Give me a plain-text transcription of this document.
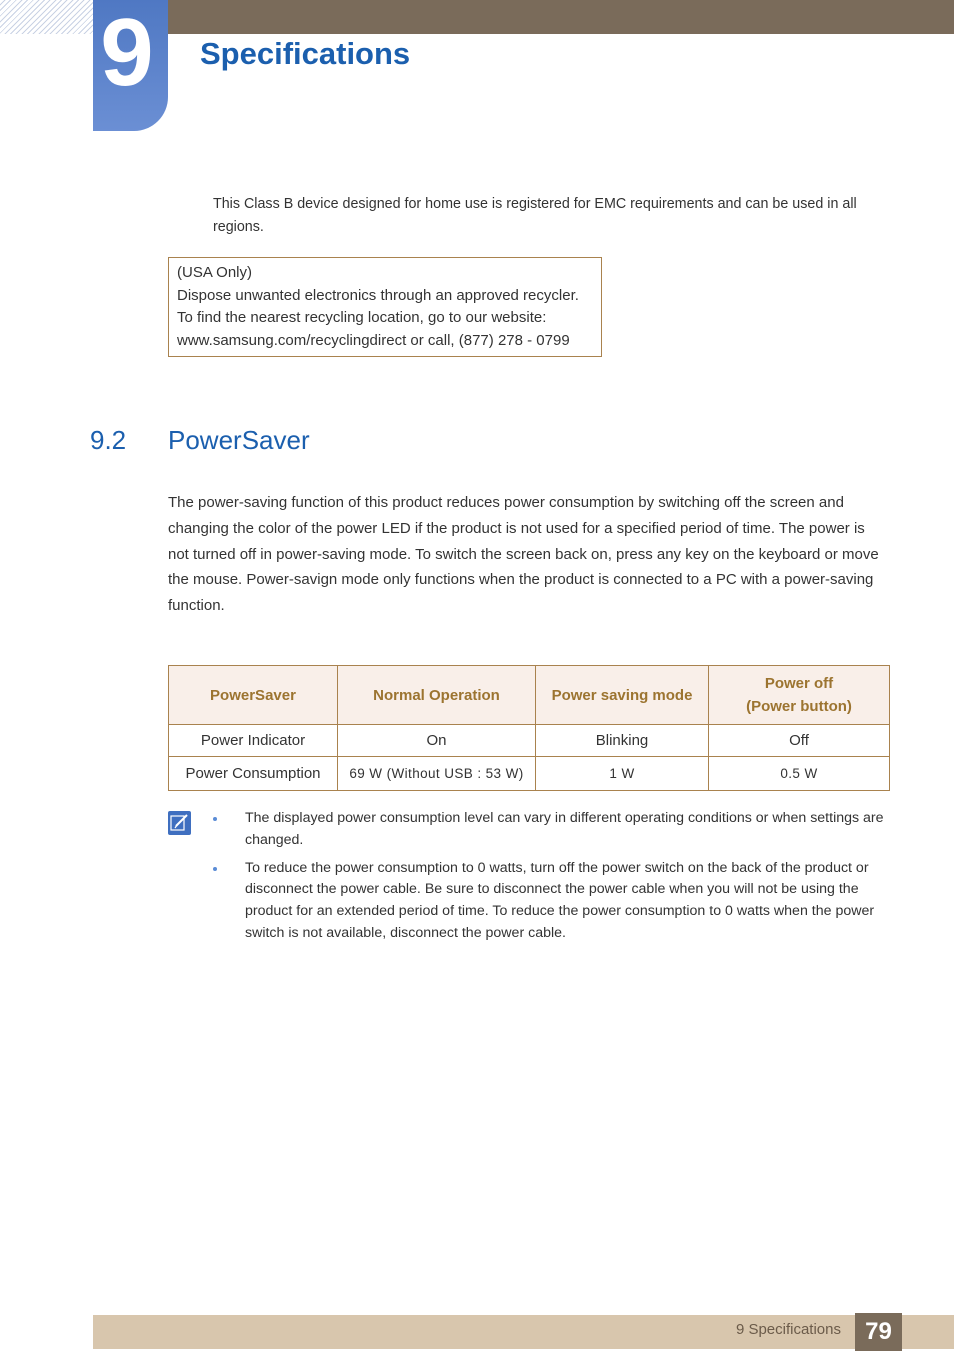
9 Specifications
This Class B device designed for home use is registered for EMC requirements and can be used in all regions.
(USA Only)
Dispose unwanted electronics through an approved recycler.
To find the nearest recycling location, go to our website:
www.samsung.com/recyclingdirect or call, (877) 278 - 0799
9.2 PowerSaver
The power-saving function of this product reduces power consumption by switching off the screen and changing the color of the power LED if the product is not used for a specified period of time. The power is not turned off in power-saving mode. To switch the screen back on, press any key on the keyboard or move the mouse. Power-savign mode only functions when the product is connected to a PC with a power-saving function.
PowerSaver	Normal Operation	Power saving mode	Power off
(Power button)

Power Indicator	On	Blinking	Off
Power Consumption	69 W (Without USB : 53 W)	1 W	0.5 W
The displayed power consumption level can vary in different operating conditions or when settings are changed.
To reduce the power consumption to 0 watts, turn off the power switch on the back of the product or disconnect the power cable. Be sure to disconnect the power cable when you will not be using the product for an extended period of time. To reduce the power consumption to 0 watts when the power switch is not available, disconnect the power cable.
9 Specifications	79
